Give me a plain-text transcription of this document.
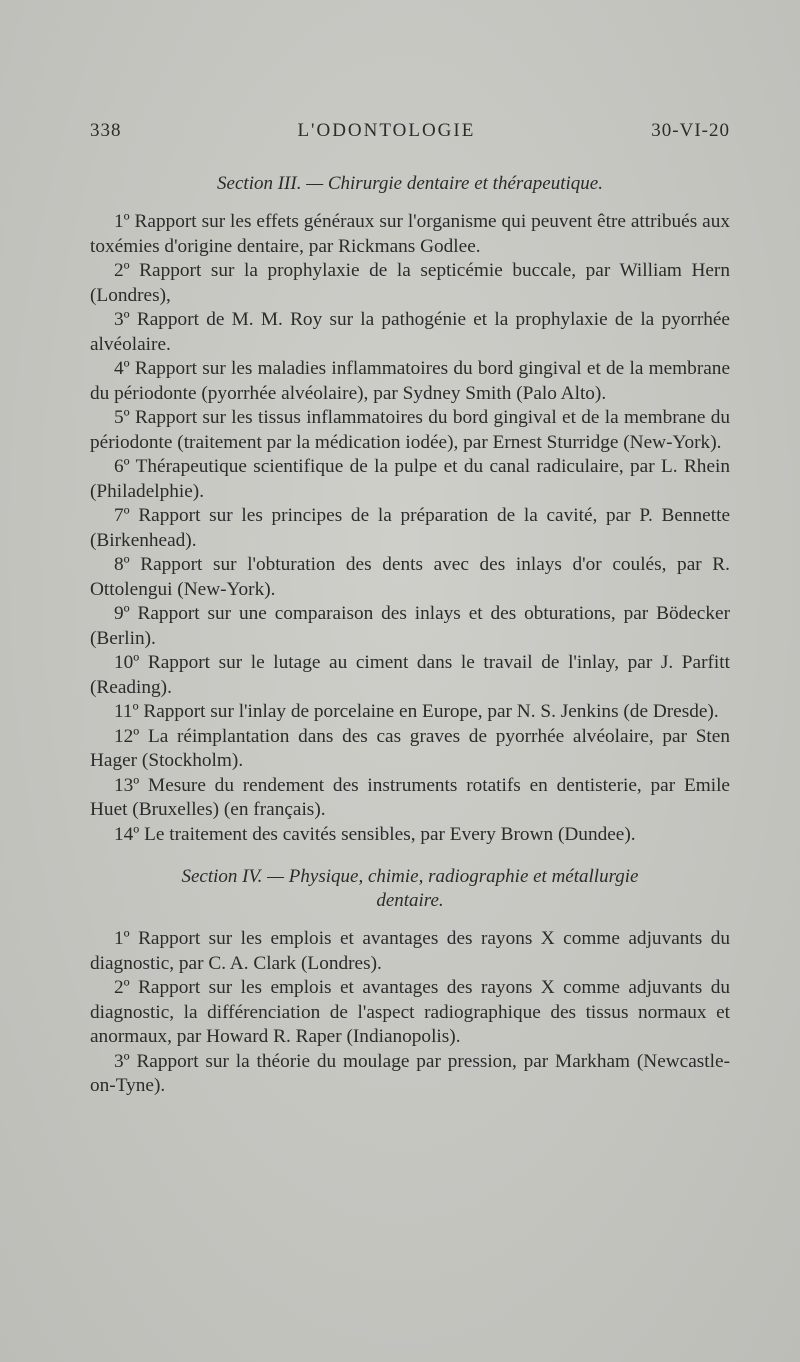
338	L'ODONTOLOGIE	30-VI-20
Section III. — Chirurgie dentaire et thérapeutique.

1º Rapport sur les effets généraux sur l'organisme qui peuvent être attribués aux toxémies d'origine dentaire, par Rickmans Godlee.

2º Rapport sur la prophylaxie de la septicémie buccale, par William Hern (Londres),

3º Rapport de M. M. Roy sur la pathogénie et la prophylaxie de la pyorrhée alvéolaire.

4º Rapport sur les maladies inflammatoires du bord gingival et de la membrane du périodonte (pyorrhée alvéolaire), par Sydney Smith (Palo Alto).

5º Rapport sur les tissus inflammatoires du bord gingival et de la membrane du périodonte (traitement par la médication iodée), par Ernest Sturridge (New-York).

6º Thérapeutique scientifique de la pulpe et du canal radiculaire, par L. Rhein (Philadelphie).

7º Rapport sur les principes de la préparation de la cavité, par P. Bennette (Birkenhead).

8º Rapport sur l'obturation des dents avec des inlays d'or coulés, par R. Ottolengui (New-York).

9º Rapport sur une comparaison des inlays et des obturations, par Bödecker (Berlin).

10º Rapport sur le lutage au ciment dans le travail de l'inlay, par J. Parfitt (Reading).

11º Rapport sur l'inlay de porcelaine en Europe, par N. S. Jenkins (de Dresde).

12º La réimplantation dans des cas graves de pyorrhée alvéolaire, par Sten Hager (Stockholm).

13º Mesure du rendement des instruments rotatifs en dentisterie, par Emile Huet (Bruxelles) (en français).

14º Le traitement des cavités sensibles, par Every Brown (Dundee).

Section IV. — Physique, chimie, radiographie et métallurgie
dentaire.

1º Rapport sur les emplois et avantages des rayons X comme adjuvants du diagnostic, par C. A. Clark (Londres).

2º Rapport sur les emplois et avantages des rayons X comme adjuvants du diagnostic, la différenciation de l'aspect radiographique des tissus normaux et anormaux, par Howard R. Raper (Indianopolis).

3º Rapport sur la théorie du moulage par pression, par Markham (Newcastle-on-Tyne).
